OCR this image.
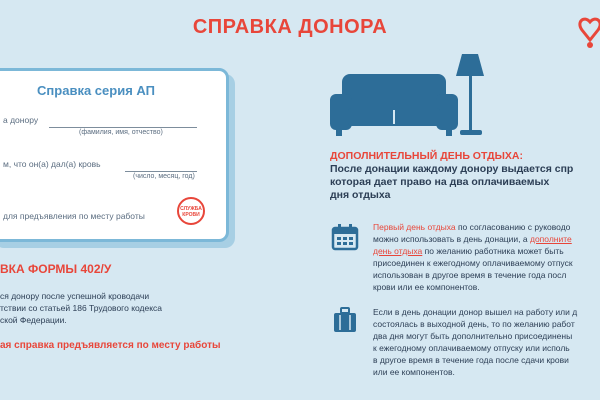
СПРАВКА ДОНОРА
Справка серия АП
а донору
(фамилия, имя, отчество)
м, что он(а) дал(а) кровь
(число, месяц, год)
для предъявления по месту работы
СЛУЖБА КРОВИ
ВКА ФОРМЫ 402/У
ся донору после успешной кроводачи
тствии со статьей 186 Трудового кодекса
ской Федерации.
ая справка предъявляется по месту работы
ДОПОЛНИТЕЛЬНЫЙ ДЕНЬ ОТДЫХА:
После донации каждому донору выдается спр
которая дает право на два оплачиваемых
дня отдыха
Первый день отдыха по согласованию с руководо
можно использовать в день донации, а дополните
день отдыха по желанию работника может быть
присоединен к ежегодному оплачиваемому отпуск
использован в другое время в течение года посл
крови или ее компонентов.
Если в день донации донор вышел на работу или д
состоялась в выходной день, то по желанию работ
два дня могут быть дополнительно присоединены
к ежегодному оплачиваемому отпуску или исполь
в другое время в течение года после сдачи крови
или ее компонентов.
